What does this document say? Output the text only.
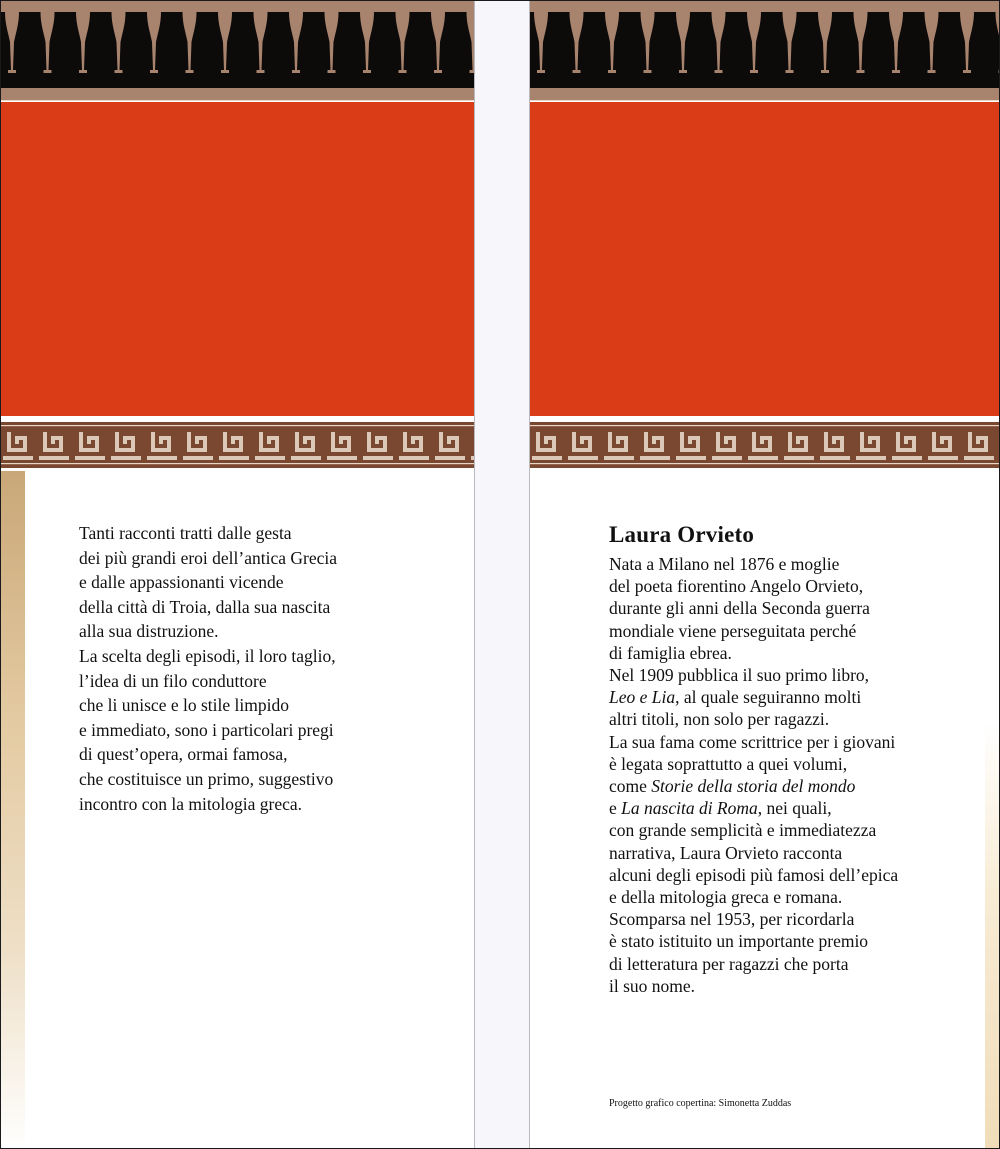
Tanti racconti tratti dalle gesta

dei più grandi eroi dell’antica Grecia

e dalle appassionanti vicende

della città di Troia, dalla sua nascita

alla sua distruzione.

La scelta degli episodi, il loro taglio,

l’idea di un filo conduttore

che li unisce e lo stile limpido

e immediato, sono i particolari pregi

di quest’opera, ormai famosa,

che costituisce un primo, suggestivo

incontro con la mitologia greca.

Laura Orvieto

Nata a Milano nel 1876 e moglie

del poeta fiorentino Angelo Orvieto,

durante gli anni della Seconda guerra

mondiale viene perseguitata perché

di famiglia ebrea.

Nel 1909 pubblica il suo primo libro,

Leo e Lia, al quale seguiranno molti

altri titoli, non solo per ragazzi.

La sua fama come scrittrice per i giovani

è legata soprattutto a quei volumi,

come Storie della storia del mondo

e La nascita di Roma, nei quali,

con grande semplicità e immediatezza

narrativa, Laura Orvieto racconta

alcuni degli episodi più famosi dell’epica

e della mitologia greca e romana.

Scomparsa nel 1953, per ricordarla

è stato istituito un importante premio

di letteratura per ragazzi che porta

il suo nome.

Progetto grafico copertina: Simonetta Zuddas
